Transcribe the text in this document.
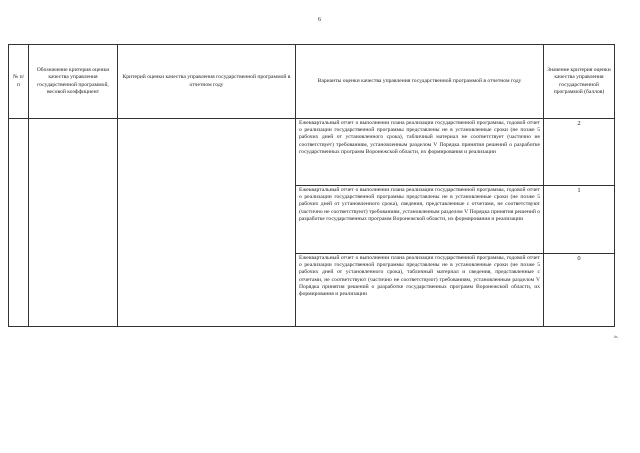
6
№ п/п	Обозначение критерия оценки качества управления государственной программой, весовой коэффициент	Критерий оценки качества управления государственной программой в отчетном году	Варианты оценки качества управления государственной программой в отчетном году	Значение критерия оценки качества управления государственной программой (баллов)
			Ежеквартальный отчет о выполнении плана реализации государственной программы, годовой отчет о реализации государственной программы представлены не в установленные сроки (не позже 5 рабочих дней от установленного срока), табличный материал не соответствует (частично не соответствует) требованиям, установленным разделом V Порядка принятия решений о разработке государственных программ Воронежской области, их формирования и реализации	2
			Ежеквартальный отчет о выполнении плана реализации государственной программы, годовой отчет о реализации государственной программы представлены не в установленные сроки (не позже 5 рабочих дней от установленного срока), сведения, представленные с отчетами, не соответствуют (частично не соответствуют) требованиям, установленным разделом V Порядка принятия решений о разработке государственных программ Воронежской области, их формирования и реализации	1
			Ежеквартальный отчет о выполнении плана реализации государственной программы, годовой отчет о реализации государственной программы представлены не в установленные сроки (не позже 5 рабочих дней от установленного срока), табличный материал и сведения, представленные с отчетами, не соответствуют (частично не соответствуют) требованиям, установленным разделом V Порядка принятия решений о разработке государственных программ Воронежской области, их формирования и реализации	0
».
